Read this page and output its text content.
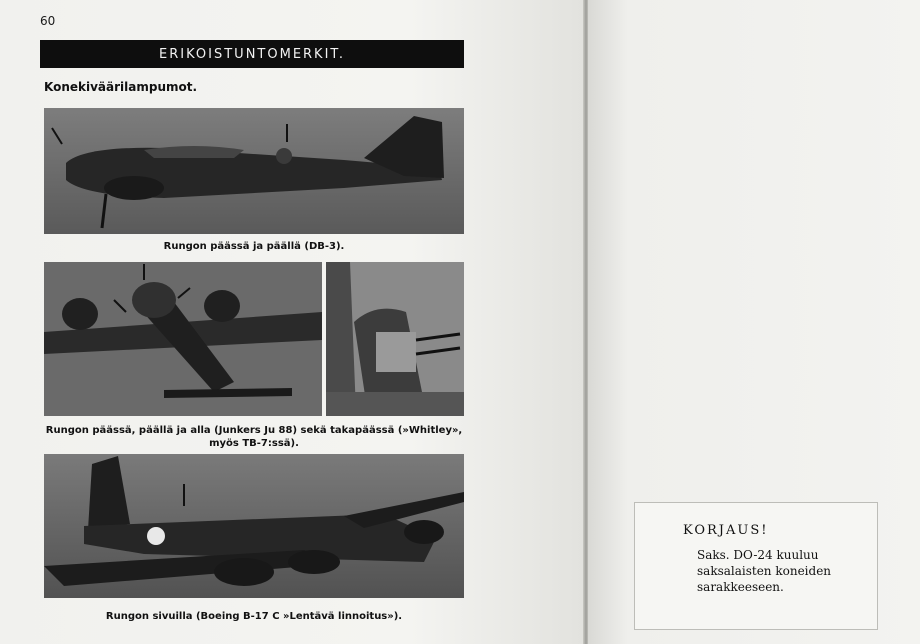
60
ERIKOISTUNTOMERKIT.
Konekiväärilampumot.
Rungon päässä ja päällä (DB-3).
Rungon päässä, päällä ja alla (Junkers Ju 88) sekä takapäässä (»Whitley»,
myös TB-7:ssä).
Rungon sivuilla (Boeing B-17 C »Lentävä linnoitus»).
KORJAUS!
Saks. DO-24 kuuluu
saksalaisten koneiden
sarakkeeseen.
